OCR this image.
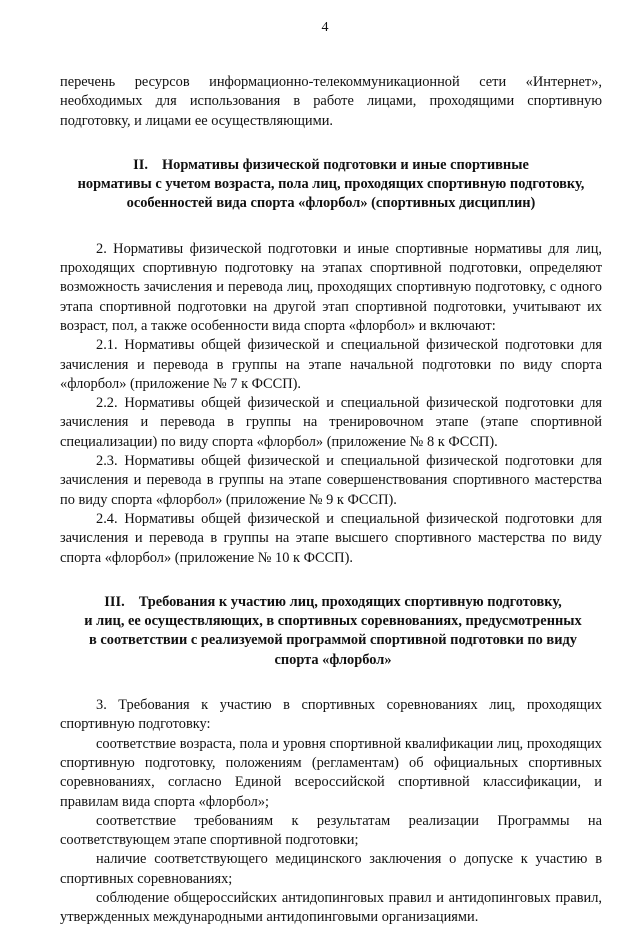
4

перечень ресурсов информационно-телекоммуникационной сети «Интернет», необходимых для использования в работе лицами, проходящими спортивную подготовку, и лицами ее осуществляющими.

II. Нормативы физической подготовки и иные спортивные
нормативы с учетом возраста, пола лиц, проходящих спортивную подготовку,
особенностей вида спорта «флорбол» (спортивных дисциплин)

2. Нормативы физической подготовки и иные спортивные нормативы для лиц, проходящих спортивную подготовку на этапах спортивной подготовки, определяют возможность зачисления и перевода лиц, проходящих спортивную подготовку, с одного этапа спортивной подготовки на другой этап спортивной подготовки, учитывают их возраст, пол, а также особенности вида спорта «флорбол» и включают:

2.1. Нормативы общей физической и специальной физической подготовки для зачисления и перевода в группы на этапе начальной подготовки по виду спорта «флорбол» (приложение № 7 к ФССП).

2.2. Нормативы общей физической и специальной физической подготовки для зачисления и перевода в группы на тренировочном этапе (этапе спортивной специализации) по виду спорта «флорбол» (приложение № 8 к ФССП).

2.3. Нормативы общей физической и специальной физической подготовки для зачисления и перевода в группы на этапе совершенствования спортивного мастерства по виду спорта «флорбол» (приложение № 9 к ФССП).

2.4. Нормативы общей физической и специальной физической подготовки для зачисления и перевода в группы на этапе высшего спортивного мастерства по виду спорта «флорбол» (приложение № 10 к ФССП).

III. Требования к участию лиц, проходящих спортивную подготовку,
и лиц, ее осуществляющих, в спортивных соревнованиях, предусмотренных
в соответствии с реализуемой программой спортивной подготовки по виду
спорта «флорбол»

3. Требования к участию в спортивных соревнованиях лиц, проходящих спортивную подготовку:

соответствие возраста, пола и уровня спортивной квалификации лиц, проходящих спортивную подготовку, положениям (регламентам) об официальных спортивных соревнованиях, согласно Единой всероссийской спортивной классификации, и правилам вида спорта «флорбол»;

соответствие требованиям к результатам реализации Программы на соответствующем этапе спортивной подготовки;

наличие соответствующего медицинского заключения о допуске к участию в спортивных соревнованиях;

соблюдение общероссийских антидопинговых правил и антидопинговых правил, утвержденных международными антидопинговыми организациями.
